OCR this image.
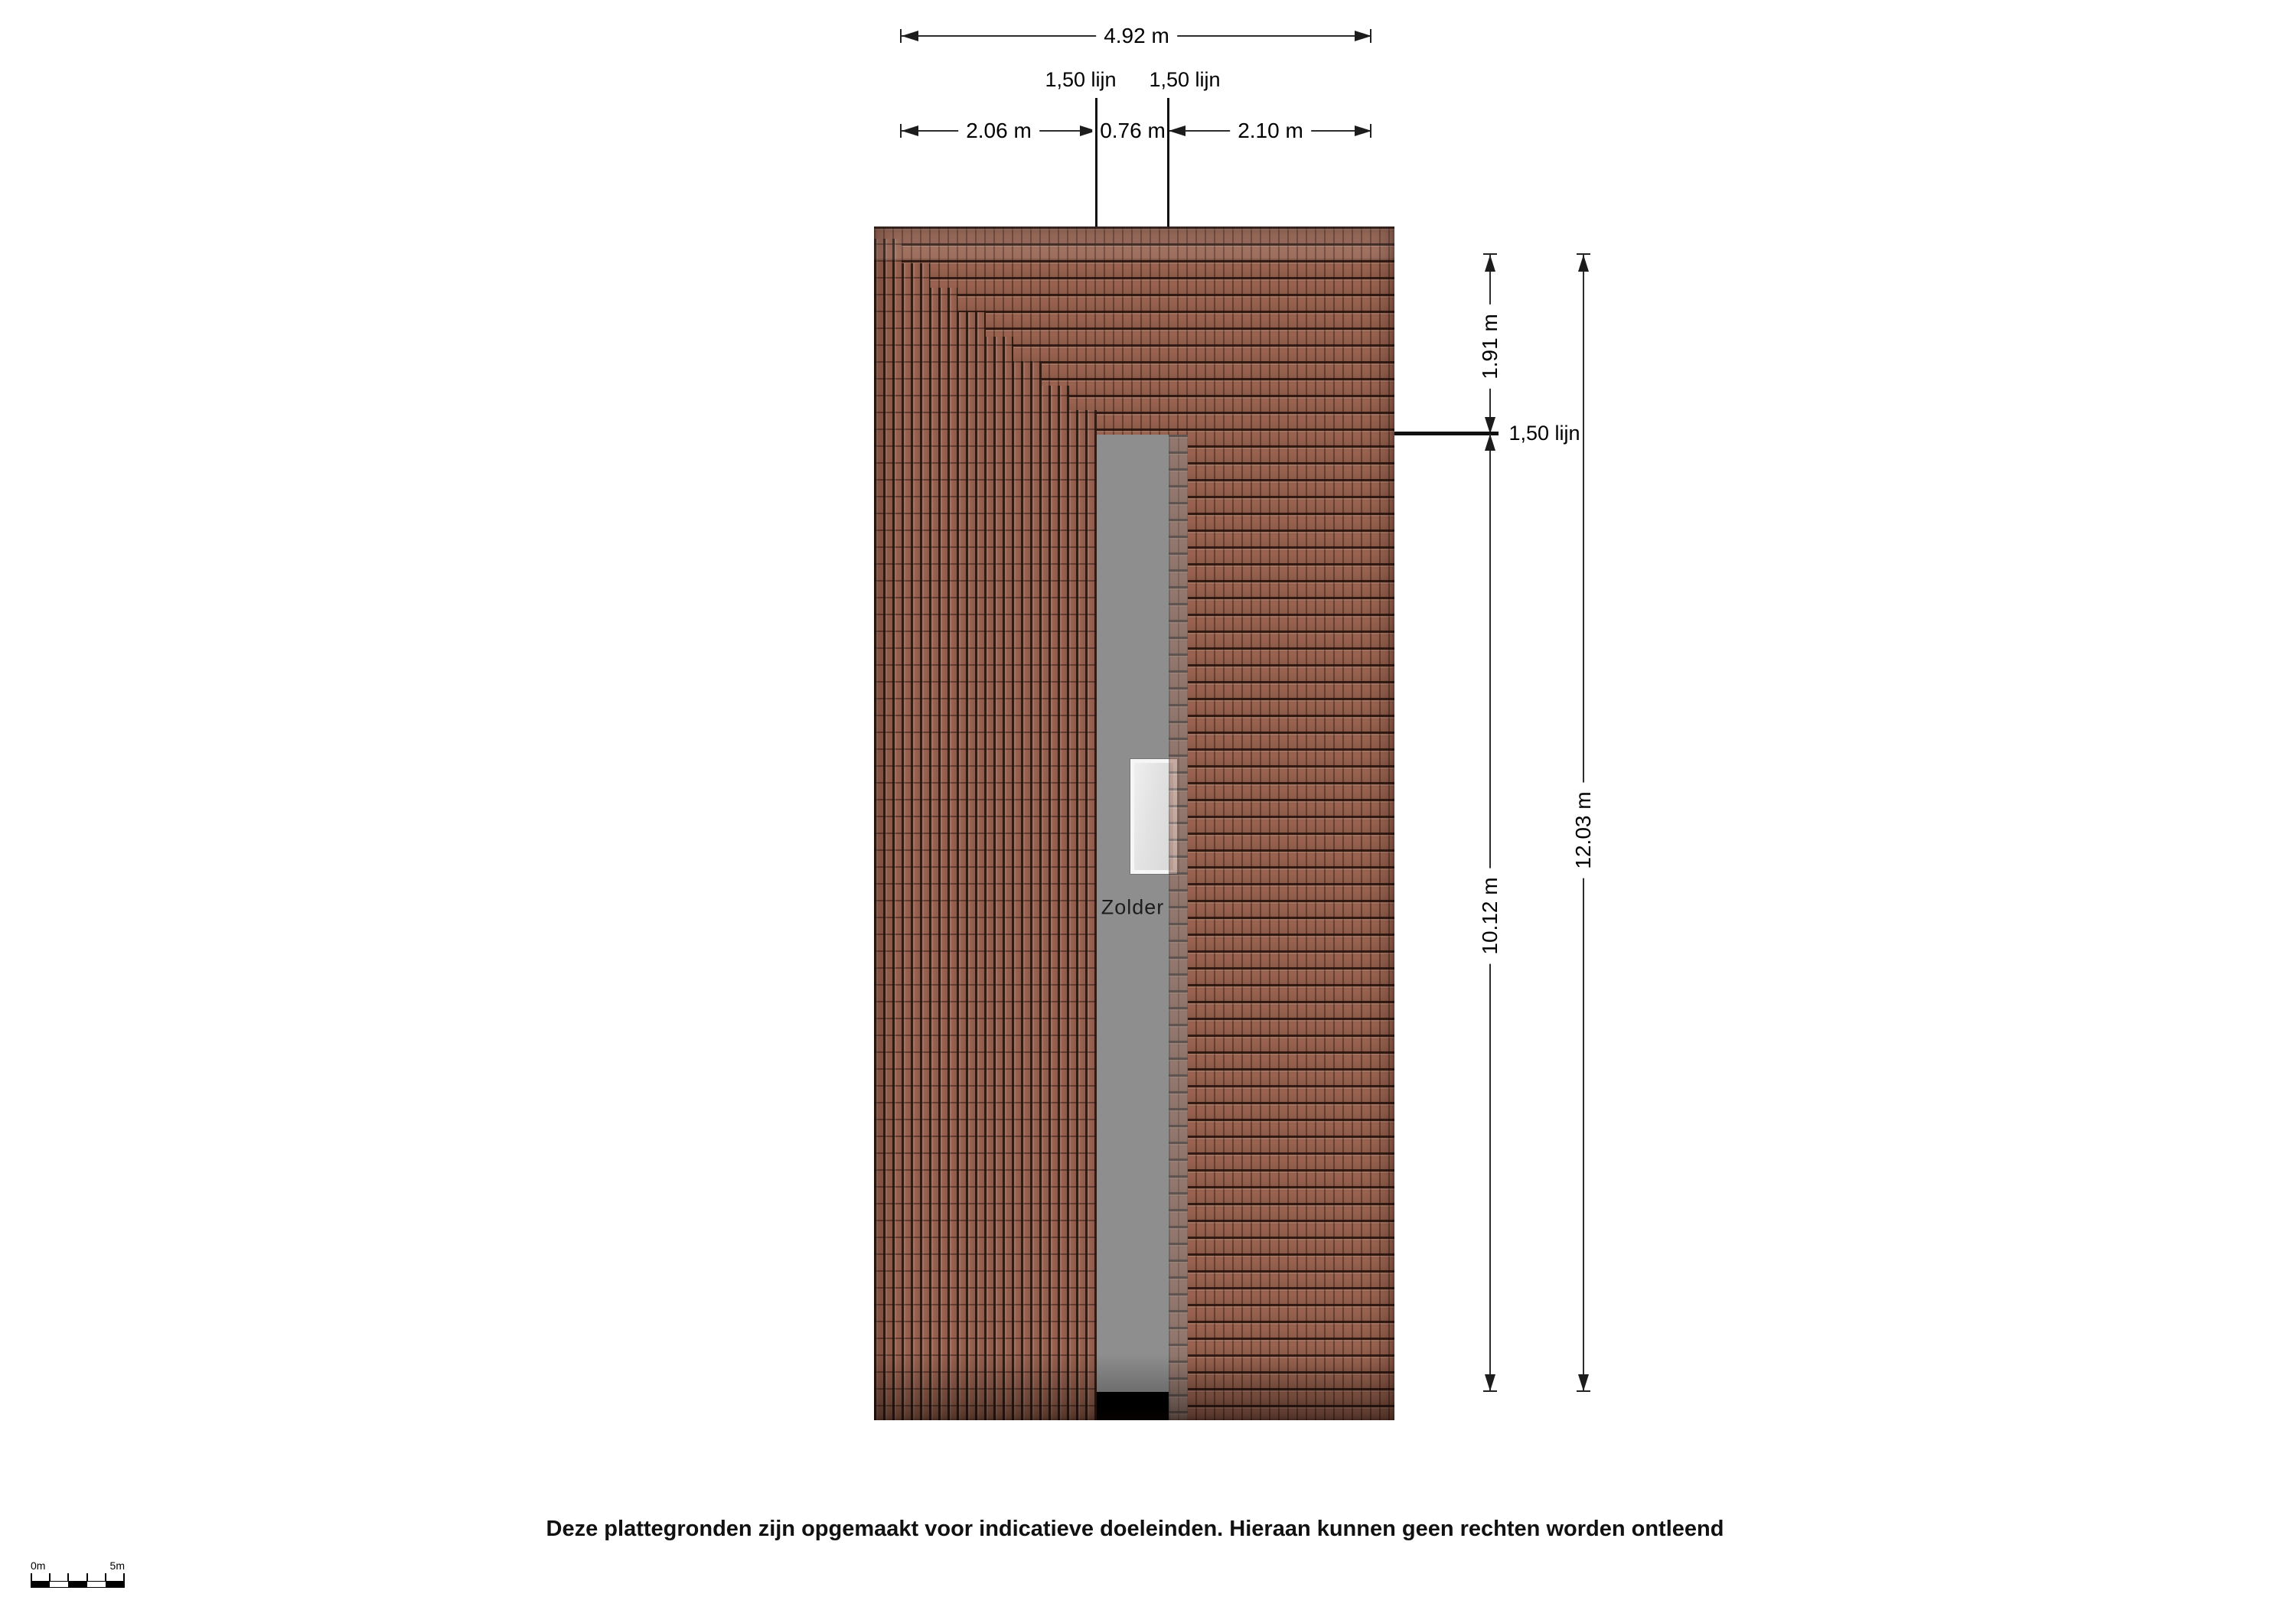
Zolder
4.92 m
2.06 m	0.76 m	2.10 m
1,50 lijn 1,50 lijn
1.91 m
1,50 lijn
10.12 m
12.03 m
Deze plattegronden zijn opgemaakt voor indicatieve doeleinden. Hieraan kunnen geen rechten worden ontleend
0m	5m
